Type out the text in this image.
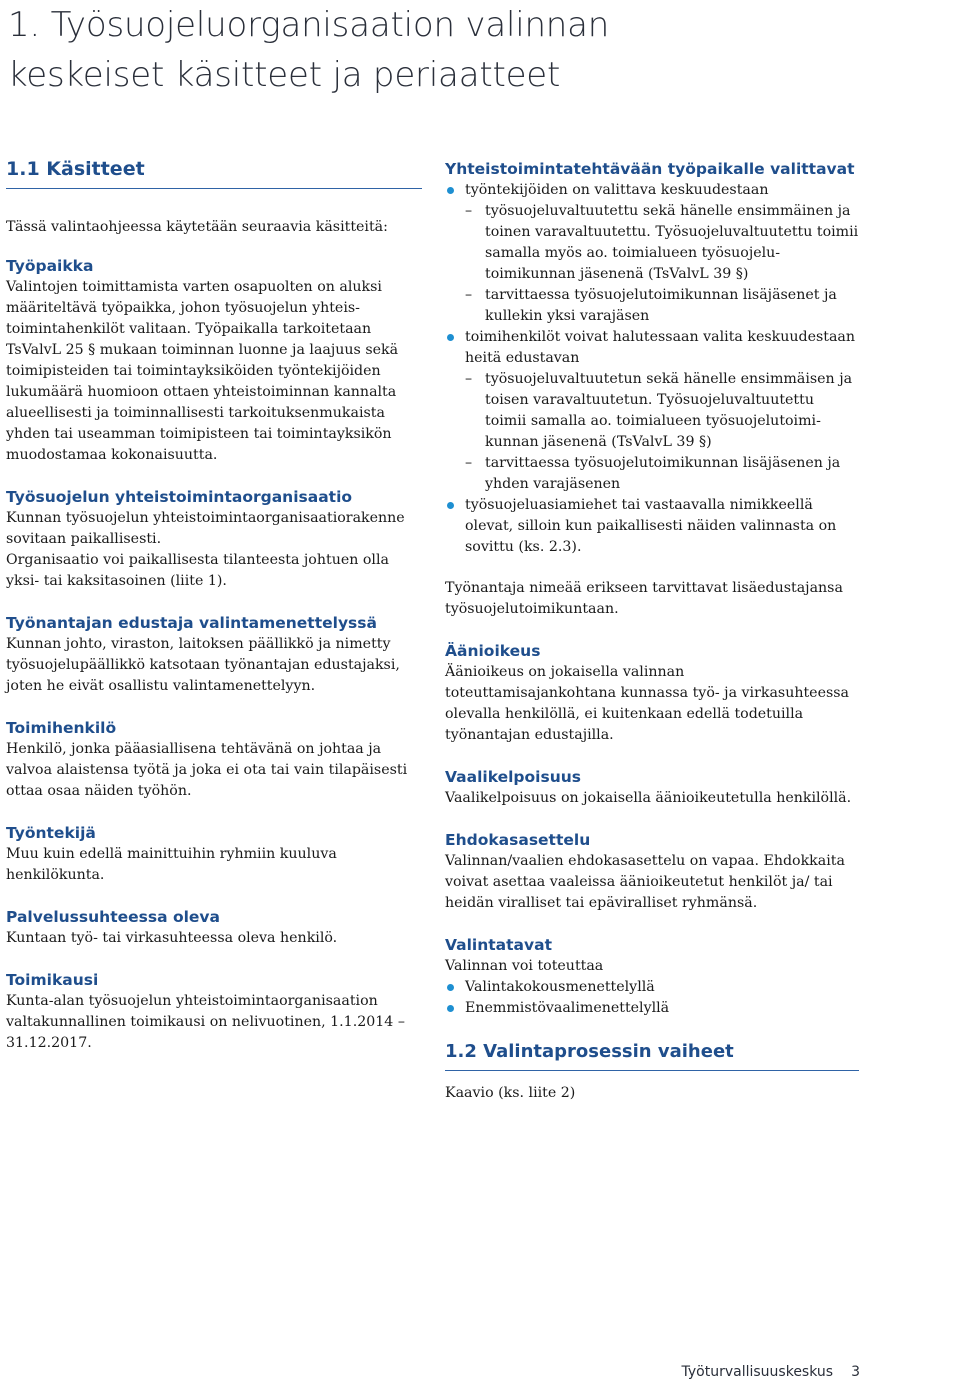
1. Työsuojeluorganisaation valinnan
keskeiset käsitteet ja periaatteet
1.1 Käsitteet

Tässä valintaohjeessa käytetään seuraavia käsitteitä:

Työpaikka

Valintojen toimittamista varten osapuolten on aluksi määriteltävä työpaikka, johon työsuojelun yhteistoimintahenkilöt valitaan. Työpaikalla tarkoitetaan TsValvL 25 § mukaan toiminnan luonne ja laajuus sekä toimipisteiden tai toimintayksiköiden työntekijöiden lukumäärä huomioon ottaen yhteistoiminnan kannalta alueellisesti ja toiminnallisesti tarkoituksenmukaista yhden tai useamman toimipisteen tai toimintayksikön muodostamaa kokonaisuutta.

Työsuojelun yhteistoimintaorganisaatio

Kunnan työsuojelun yhteistoimintaorganisaatiorakenne sovitaan paikallisesti.

Organisaatio voi paikallisesta tilanteesta johtuen olla yksi- tai kaksitasoinen (liite 1).

Työnantajan edustaja valintamenettelyssä

Kunnan johto, viraston, laitoksen päällikkö ja nimetty työsuojelupäällikkö katsotaan työnantajan edustajaksi, joten he eivät osallistu valintamenettelyyn.

Toimihenkilö

Henkilö, jonka pääasiallisena tehtävänä on johtaa ja valvoa alaistensa työtä ja joka ei ota tai vain tilapäisesti ottaa osaa näiden työhön.

Työntekijä

Muu kuin edellä mainittuihin ryhmiin kuuluva henkilökunta.

Palvelussuhteessa oleva

Kuntaan työ- tai virkasuhteessa oleva henkilö.

Toimikausi

Kunta-alan työsuojelun yhteistoimintaorganisaation valtakunnallinen toimikausi on nelivuotinen, 1.1.2014 – 31.12.2017.

Yhteistoimintatehtävään työpaikalle valittavat

työntekijöiden on valittava keskuudestaan
– työsuojeluvaltuutettu sekä hänelle ensimmäinen ja toinen varavaltuutettu. Työsuojeluvaltuutettu toimii samalla myös ao. toimialueen työsuojelutoimikunnan jäsenenä (TsValvL 39 §)
– tarvittaessa työsuojelutoimikunnan lisäjäsenet ja kullekin yksi varajäsen
toimihenkilöt voivat halutessaan valita keskuudestaan heitä edustavan
– työsuojeluvaltuutetun sekä hänelle ensimmäisen ja toisen varavaltuutetun. Työsuojeluvaltuutettu toimii samalla ao. toimialueen työsuojelutoimikunnan jäsenenä (TsValvL 39 §)
– tarvittaessa työsuojelutoimikunnan lisäjäsenen ja yhden varajäsenen
työsuojeluasiamiehet tai vastaavalla nimikkeellä olevat, silloin kun paikallisesti näiden valinnasta on sovittu (ks. 2.3).

Työnantaja nimeää erikseen tarvittavat lisäedustajansa työsuojelutoimikuntaan.

Äänioikeus

Äänioikeus on jokaisella valinnan toteuttamisajankohtana kunnassa työ- ja virkasuhteessa olevalla henkilöllä, ei kuitenkaan edellä todetuilla työnantajan edustajilla.

Vaalikelpoisuus

Vaalikelpoisuus on jokaisella äänioikeutetulla henkilöllä.

Ehdokasasettelu

Valinnan/vaalien ehdokasasettelu on vapaa. Ehdokkaita voivat asettaa vaaleissa äänioikeutetut henkilöt ja/ tai heidän viralliset tai epäviralliset ryhmänsä.

Valintatavat

Valinnan voi toteuttaa

Valintakokousmenettelyllä
Enemmistövaalimenettelyllä
1.2 Valintaprosessin vaiheet

Kaavio (ks. liite 2)

Työturvallisuuskeskus 3
